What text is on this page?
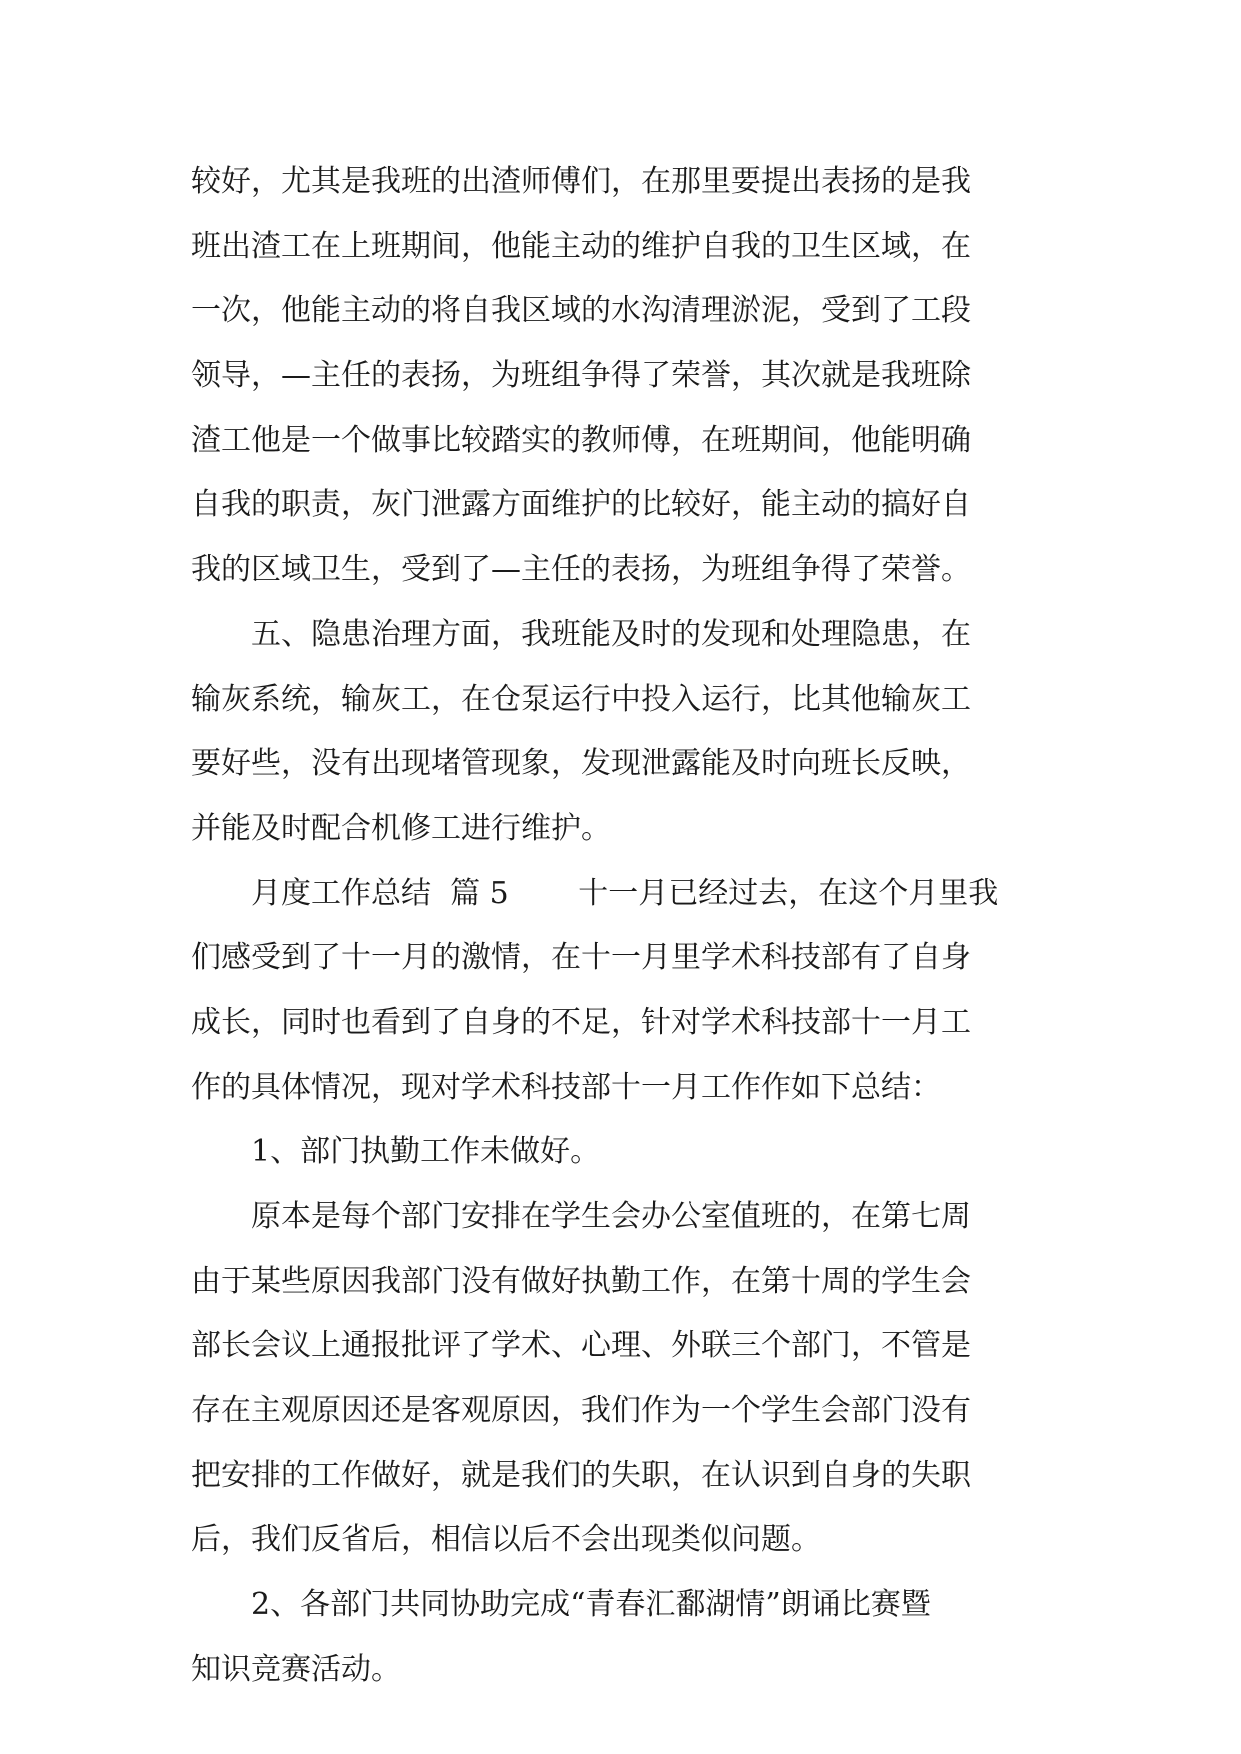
较好，尤其是我班的出渣师傅们，在那里要提出表扬的是我
班出渣工在上班期间，他能主动的维护自我的卫生区域，在
一次，他能主动的将自我区域的水沟清理淤泥，受到了工段
领导，—主任的表扬，为班组争得了荣誉，其次就是我班除
渣工他是一个做事比较踏实的教师傅，在班期间，他能明确
自我的职责，灰门泄露方面维护的比较好，能主动的搞好自
我的区域卫生，受到了—主任的表扬，为班组争得了荣誉。
　　五、隐患治理方面，我班能及时的发现和处理隐患，在
输灰系统，输灰工，在仓泵运行中投入运行，比其他输灰工
要好些，没有出现堵管现象，发现泄露能及时向班长反映，
并能及时配合机修工进行维护。
　　月度工作总结  篇 5　　 十一月已经过去，在这个月里我
们感受到了十一月的激情，在十一月里学术科技部有了自身
成长，同时也看到了自身的不足，针对学术科技部十一月工
作的具体情况，现对学术科技部十一月工作作如下总结：
　　1、部门执勤工作未做好。
　　原本是每个部门安排在学生会办公室值班的，在第七周
由于某些原因我部门没有做好执勤工作，在第十周的学生会
部长会议上通报批评了学术、心理、外联三个部门，不管是
存在主观原因还是客观原因，我们作为一个学生会部门没有
把安排的工作做好，就是我们的失职，在认识到自身的失职
后，我们反省后，相信以后不会出现类似问题。
　　2、各部门共同协助完成“青春汇鄱湖情”朗诵比赛暨
知识竞赛活动。
